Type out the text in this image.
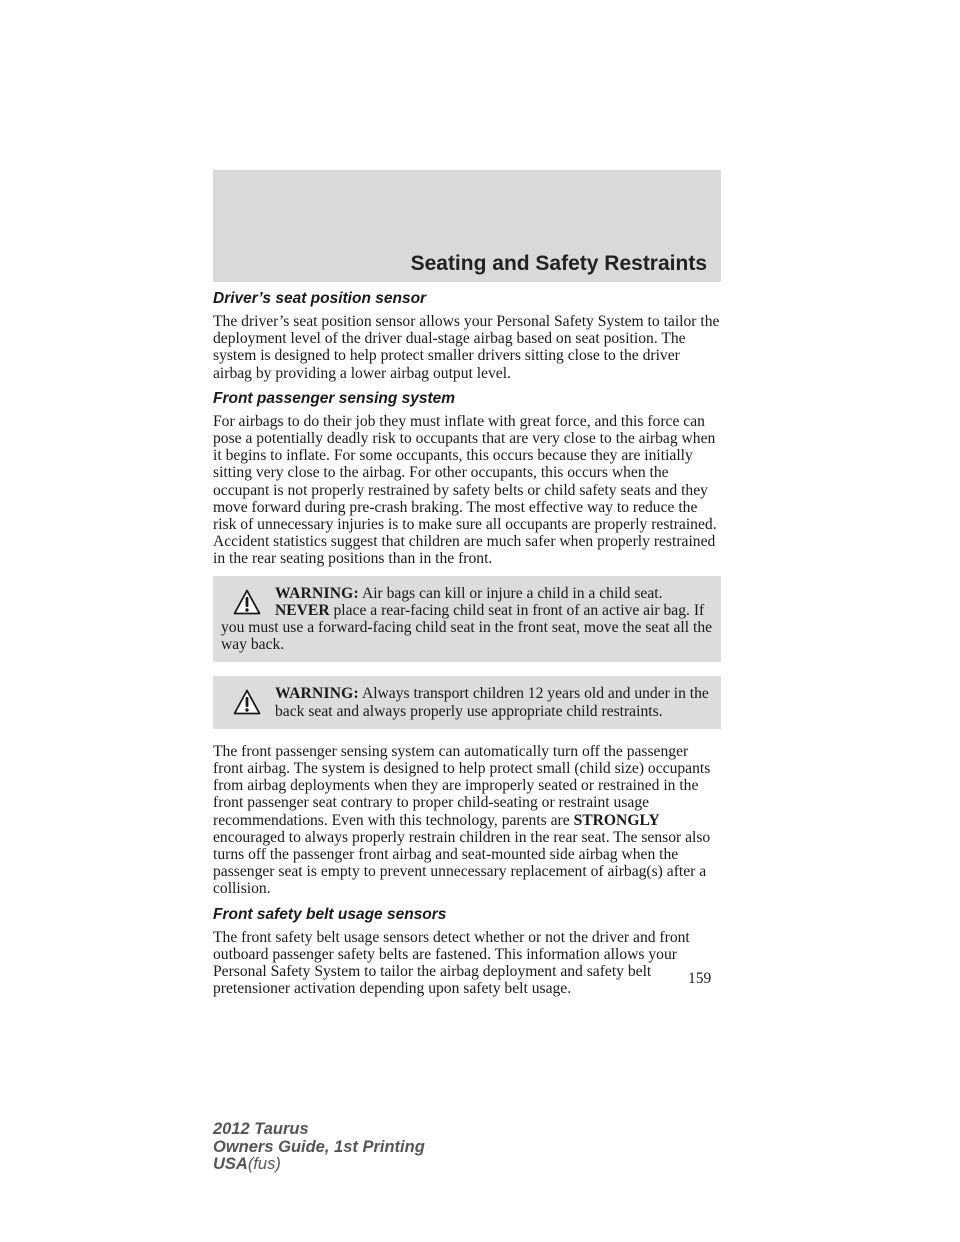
Seating and Safety Restraints
Driver’s seat position sensor

The driver’s seat position sensor allows your Personal Safety System to tailor the deployment level of the driver dual-stage airbag based on seat position. The system is designed to help protect smaller drivers sitting close to the driver airbag by providing a lower airbag output level.

Front passenger sensing system

For airbags to do their job they must inflate with great force, and this force can pose a potentially deadly risk to occupants that are very close to the airbag when it begins to inflate. For some occupants, this occurs because they are initially sitting very close to the airbag. For other occupants, this occurs when the occupant is not properly restrained by safety belts or child safety seats and they move forward during pre-crash braking. The most effective way to reduce the risk of unnecessary injuries is to make sure all occupants are properly restrained. Accident statistics suggest that children are much safer when properly restrained in the rear seating positions than in the front.

WARNING: Air bags can kill or injure a child in a child seat. NEVER place a rear-facing child seat in front of an active air bag. If you must use a forward-facing child seat in the front seat, move the seat all the way back.
WARNING: Always transport children 12 years old and under in the back seat and always properly use appropriate child restraints.

The front passenger sensing system can automatically turn off the passenger front airbag. The system is designed to help protect small (child size) occupants from airbag deployments when they are improperly seated or restrained in the front passenger seat contrary to proper child-seating or restraint usage recommendations. Even with this technology, parents are STRONGLY encouraged to always properly restrain children in the rear seat. The sensor also turns off the passenger front airbag and seat-mounted side airbag when the passenger seat is empty to prevent unnecessary replacement of airbag(s) after a collision.

Front safety belt usage sensors

The front safety belt usage sensors detect whether or not the driver and front outboard passenger safety belts are fastened. This information allows your Personal Safety System to tailor the airbag deployment and safety belt pretensioner activation depending upon safety belt usage.

159
2012 Taurus
Owners Guide, 1st Printing
USA(fus)
